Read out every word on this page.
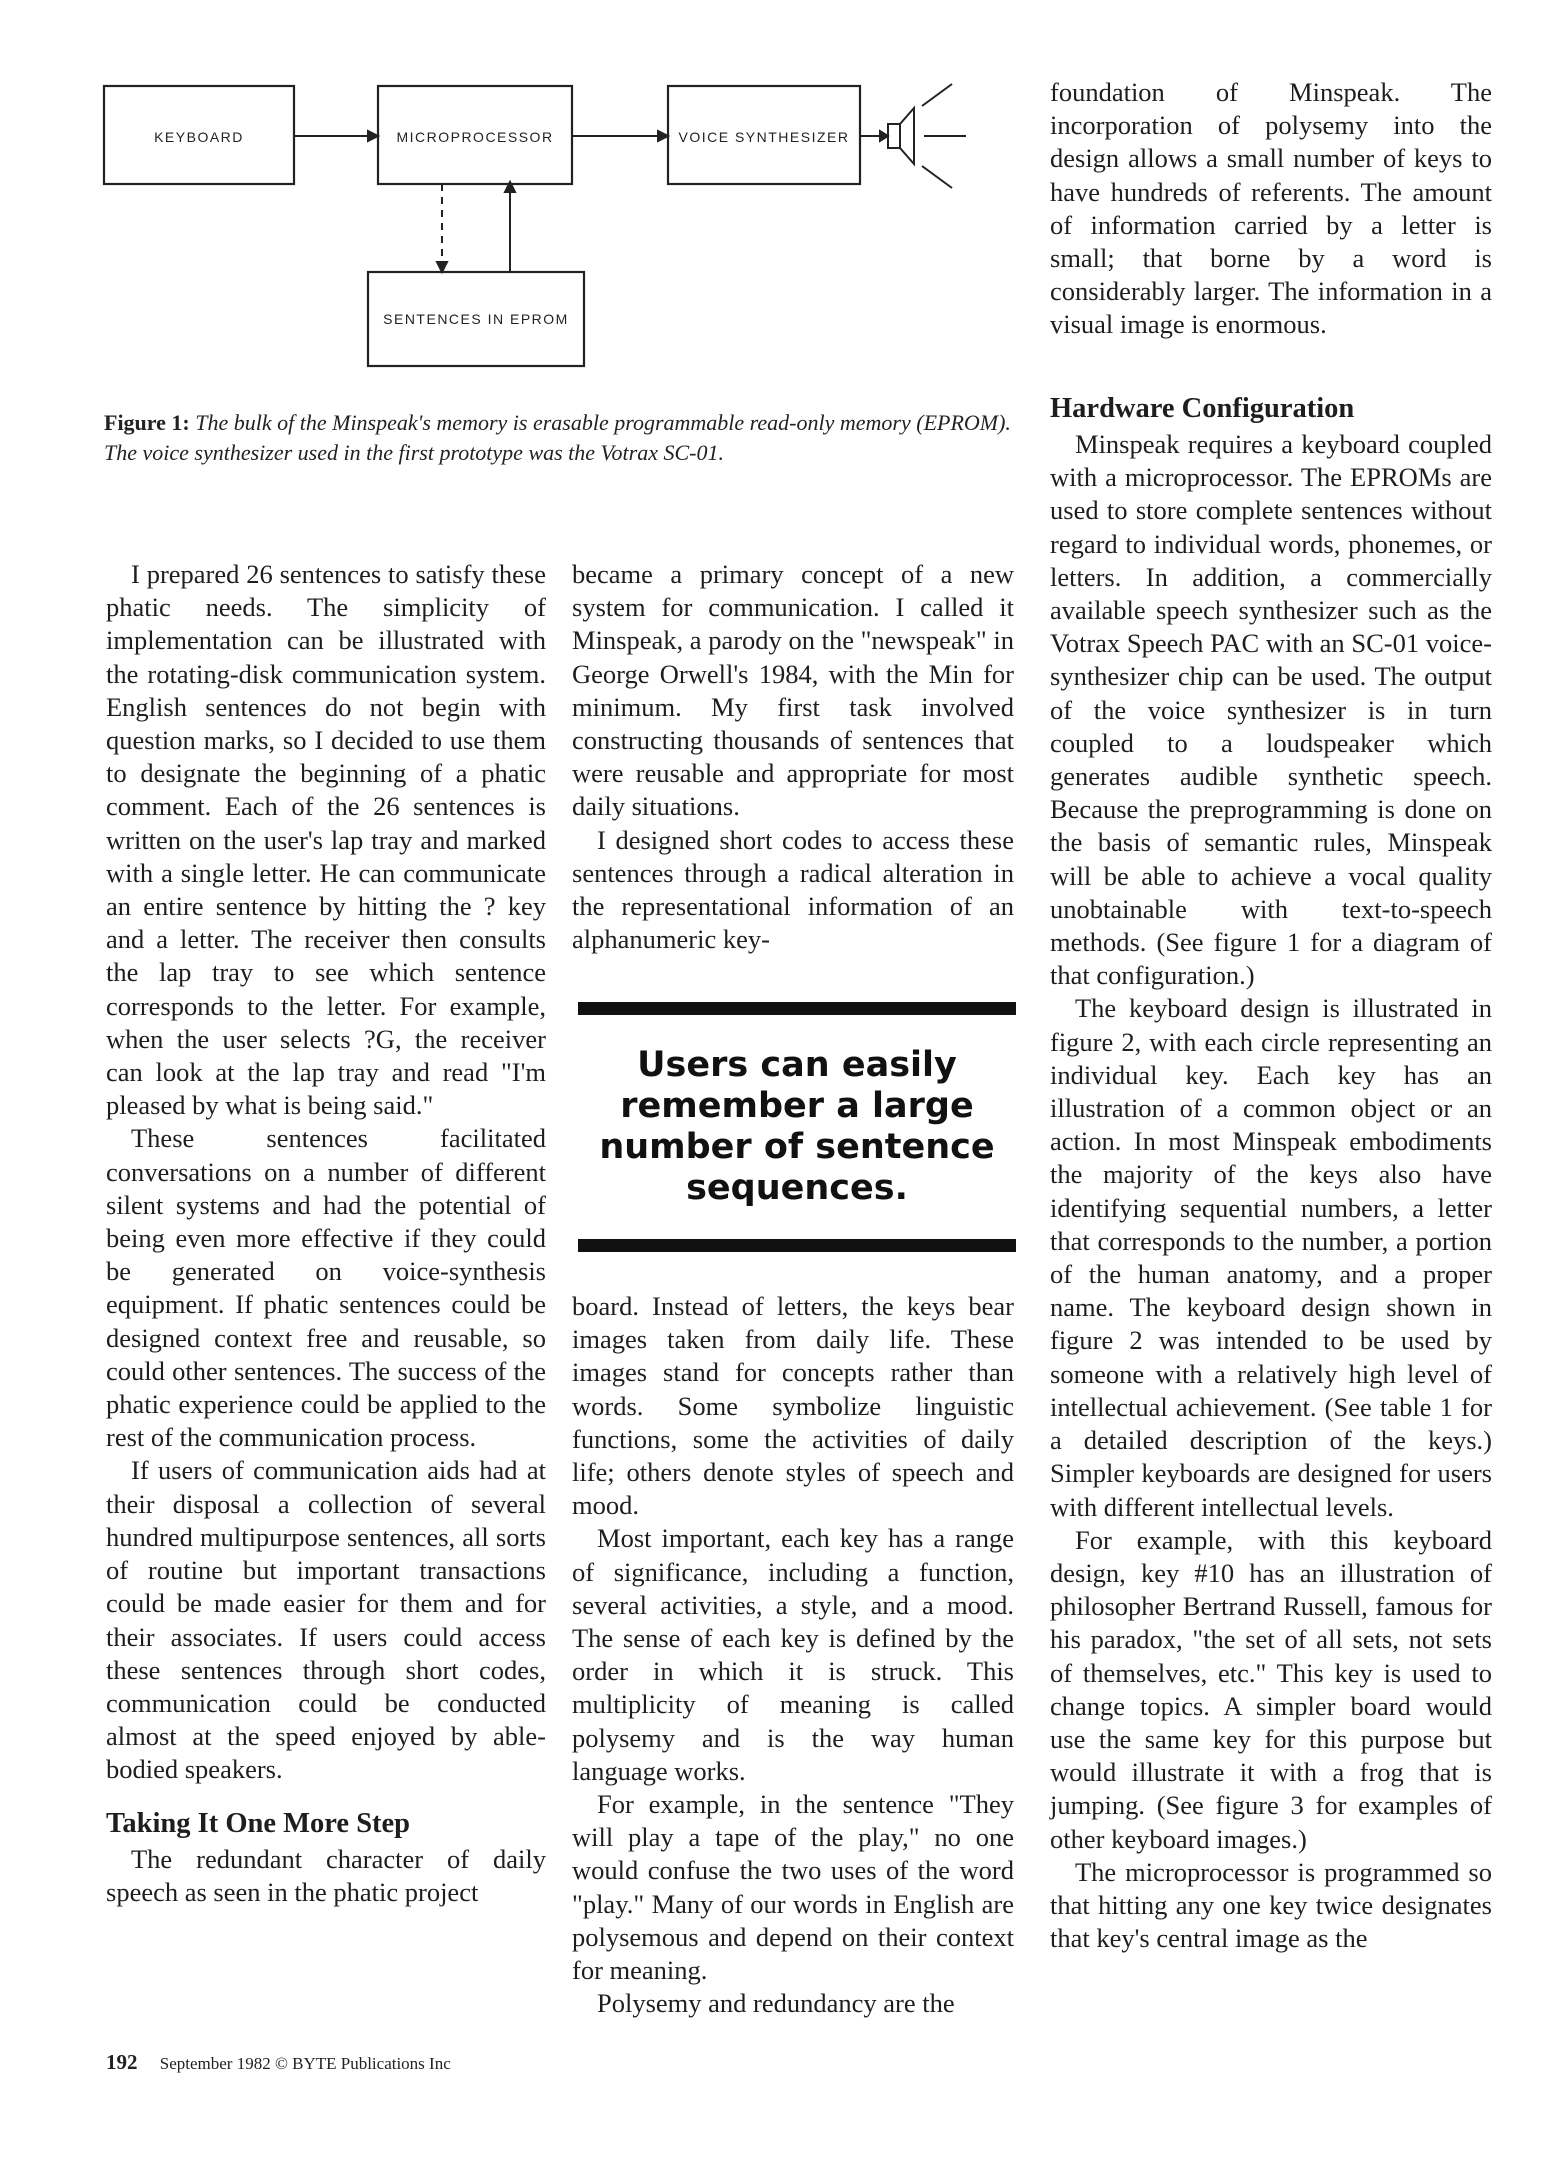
KEYBOARD	MICROPROCESSOR	VOICE SYNTHESIZER
SENTENCES IN EPROM
Figure 1: The bulk of the Minspeak's memory is erasable programmable read-only memory (EPROM). The voice synthesizer used in the first prototype was the Votrax SC-01.

I prepared 26 sentences to satisfy these phatic needs. The simplicity of implementation can be illustrated with the rotating-disk communication system. English sentences do not begin with question marks, so I decided to use them to designate the beginning of a phatic comment. Each of the 26 sentences is written on the user's lap tray and marked with a single letter. He can communicate an entire sentence by hitting the ? key and a letter. The receiver then consults the lap tray to see which sentence corresponds to the letter. For example, when the user selects ?G, the receiver can look at the lap tray and read "I'm pleased by what is being said."

These sentences facilitated conversations on a number of different silent systems and had the potential of being even more effective if they could be generated on voice-synthesis equipment. If phatic sentences could be designed context free and reusable, so could other sentences. The success of the phatic experience could be applied to the rest of the communication process.

If users of communication aids had at their disposal a collection of several hundred multipurpose sentences, all sorts of routine but important transactions could be made easier for them and for their associates. If users could access these sentences through short codes, communication could be conducted almost at the speed enjoyed by able-bodied speakers.

Taking It One More Step

The redundant character of daily speech as seen in the phatic project

became a primary concept of a new system for communication. I called it Minspeak, a parody on the "newspeak" in George Orwell's 1984, with the Min for minimum. My first task involved constructing thousands of sentences that were reusable and appropriate for most daily situations.

I designed short codes to access these sentences through a radical alteration in the representational information of an alphanumeric key-

Users can easily remember a large number of sentence sequences.

board. Instead of letters, the keys bear images taken from daily life. These images stand for concepts rather than words. Some symbolize linguistic functions, some the activities of daily life; others denote styles of speech and mood.

Most important, each key has a range of significance, including a function, several activities, a style, and a mood. The sense of each key is defined by the order in which it is struck. This multiplicity of meaning is called polysemy and is the way human language works.

For example, in the sentence "They will play a tape of the play," no one would confuse the two uses of the word "play." Many of our words in English are polysemous and depend on their context for meaning.

Polysemy and redundancy are the

foundation of Minspeak. The incorporation of polysemy into the design allows a small number of keys to have hundreds of referents. The amount of information carried by a letter is small; that borne by a word is considerably larger. The information in a visual image is enormous.

Hardware Configuration

Minspeak requires a keyboard coupled with a microprocessor. The EPROMs are used to store complete sentences without regard to individual words, phonemes, or letters. In addition, a commercially available speech synthesizer such as the Votrax Speech PAC with an SC-01 voice-synthesizer chip can be used. The output of the voice synthesizer is in turn coupled to a loudspeaker which generates audible synthetic speech. Because the preprogramming is done on the basis of semantic rules, Minspeak will be able to achieve a vocal quality unobtainable with text-to-speech methods. (See figure 1 for a diagram of that configuration.)

The keyboard design is illustrated in figure 2, with each circle representing an individual key. Each key has an illustration of a common object or an action. In most Minspeak embodiments the majority of the keys also have identifying sequential numbers, a letter that corresponds to the number, a portion of the human anatomy, and a proper name. The keyboard design shown in figure 2 was intended to be used by someone with a relatively high level of intellectual achievement. (See table 1 for a detailed description of the keys.) Simpler keyboards are designed for users with different intellectual levels.

For example, with this keyboard design, key #10 has an illustration of philosopher Bertrand Russell, famous for his paradox, "the set of all sets, not sets of themselves, etc." This key is used to change topics. A simpler board would use the same key for this purpose but would illustrate it with a frog that is jumping. (See figure 3 for examples of other keyboard images.)

The microprocessor is programmed so that hitting any one key twice designates that key's central image as the

192 September 1982 © BYTE Publications Inc
